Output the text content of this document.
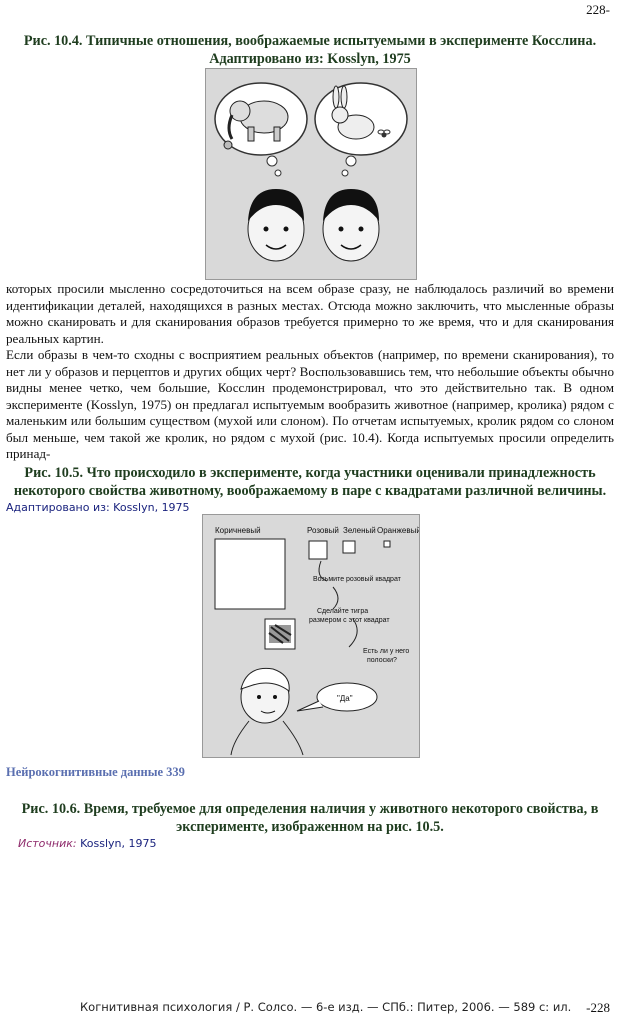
228-
Рис. 10.4. Типичные отношения, воображаемые испытуемыми в эксперименте Косслина.
Адаптировано из: Kosslyn, 1975

которых просили мысленно сосредоточиться на всем образе сразу, не наблюдалось различий во времени идентификации деталей, находящихся в разных местах. Отсюда можно заключить, что мысленные образы можно сканировать и для сканирования образов требуется примерно то же время, что и для сканирования реальных картин.

Если образы в чем-то сходны с восприятием реальных объектов (например, по времени сканирования), то нет ли у образов и перцептов и других общих черт? Воспользовавшись тем, что небольшие объекты обычно видны менее четко, чем большие, Косслин продемонстрировал, что это действительно так. В одном эксперименте (Kosslyn, 1975) он предлагал испытуемым вообразить животное (например, кролика) рядом с маленьким или большим существом (мухой или слоном). По отчетам испытуемых, кролик рядом со слоном был меньше, чем такой же кролик, но рядом с мухой (рис. 10.4). Когда испытуемых просили определить принад-

Рис. 10.5. Что происходило в эксперименте, когда участники оценивали принадлежность
некоторого свойства животному, воображаемому в паре с квадратами различной величины.
Адаптировано из: Kosslyn, 1975
Коричневый	Розовый Зеленый Оранжевый
Возьмите розовый квадрат
Сделайте тигра
размером с этот квадрат
Есть ли у него
полоски?
"Да"
Нейрокогнитивные данные 339
Рис. 10.6. Время, требуемое для определения наличия у животного некоторого свойства, в
эксперименте, изображенном на рис. 10.5.
Источник: Kosslyn, 1975
Когнитивная психология / Р. Солсо. — 6-е изд. — СПб.: Питер, 2006. — 589 с: ил. -228
